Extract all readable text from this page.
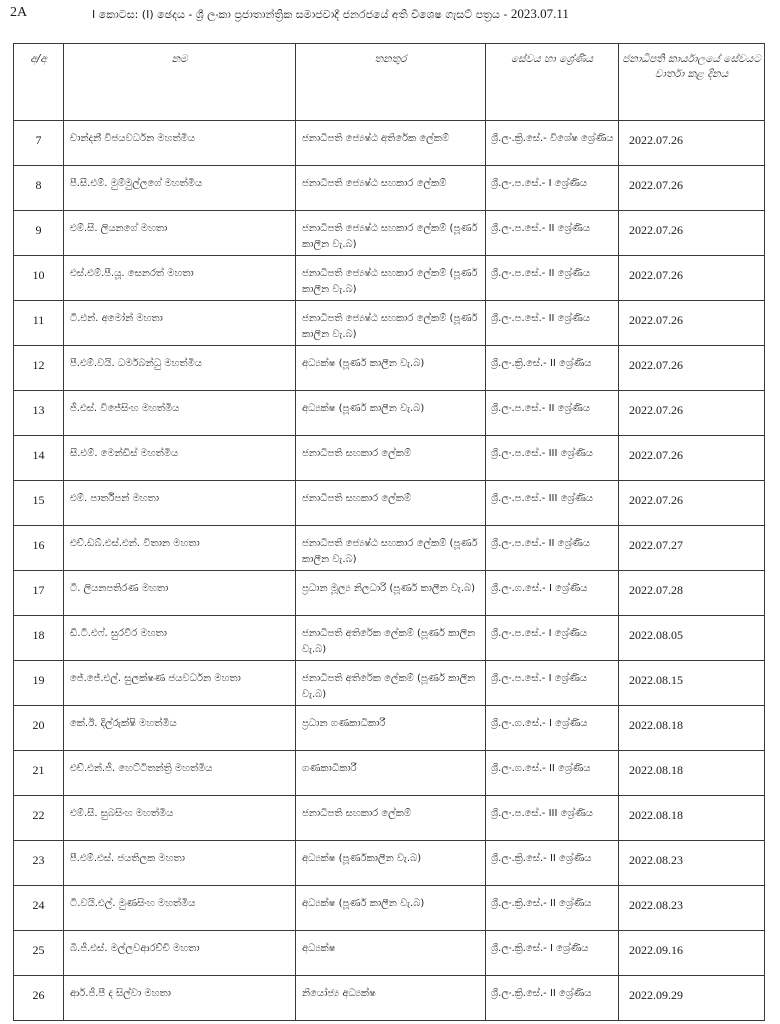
2A	I කොටස: (I) ඡෙදය - ශ්‍රී ලංකා ප්‍රජාතාන්ත්‍රික සමාජවාදී ජනරජයේ අති විශෙෂ ගැසට් පත්‍රය - 2023.07.11
අ/අ	නම	තනතුර	සේවය හා ශ්‍රේණිය	ජනාධිපති කාර්යාලයේ සේවයට වාර්තා කළ දිනය

7	චාන්දනී විජයවර්ධන මහත්මිය	ජනාධිපති ජ්‍යෙෂ්ඨ අතිරේක ලේකම්	ශ්‍රී.ලං.ක්‍රි.සේ.- විශේෂ ශ්‍රේණිය	2022.07.26

8	පී.සී.එම්. මුම්මුල්ලගේ මහත්මිය	ජනාධිපති ජ්‍යෙෂ්ඨ සහකාර ලේකම්	ශ්‍රී.ලං.ප.සේ.- I ශ්‍රේණිය	2022.07.26

9	එම්.සී. ලියනගේ මහතා	ජනාධිපති ජ්‍යෙෂ්ඨ සහකාර ලේකම් (පූර්ණ කාලීන වැ.බ)	ශ්‍රී.ලං.ප.සේ.- II ශ්‍රේණිය	2022.07.26

10	එස්.එම්.පී.යූ. සෙනරත් මහතා	ජනාධිපති ජ්‍යෙෂ්ඨ සහකාර ලේකම් (පූර්ණ කාලීන වැ.බ)	ශ්‍රී.ලං.ප.සේ.- II ශ්‍රේණිය	2022.07.26

11	ටී.එන්. අමෝන් මහතා	ජනාධිපති ජ්‍යෙෂ්ඨ සහකාර ලේකම් (පූර්ණ කාලීන වැ.බ)	ශ්‍රී.ලං.ප.සේ.- II ශ්‍රේණිය	2022.07.26

12	පී.එම්.වයි. ධර්මබන්ධු මහත්මිය	අධ්‍යක්ෂ (පූර්ණ කාලීන වැ.බ)	ශ්‍රී.ලං.ක්‍රි.සේ.- II ශ්‍රේණිය	2022.07.26

13	ජී.එස්. විජේසිංහ මහත්මිය	අධ්‍යක්ෂ (පූර්ණ කාලීන වැ.බ)	ශ්‍රී.ලං.ප.සේ.- II ශ්‍රේණිය	2022.07.26

14	සී.එම්. මෙන්ඩිස් මහත්මිය	ජනාධිපති සහකාර ලේකම්	ශ්‍රී.ලං.ප.සේ.- III ශ්‍රේණිය	2022.07.26

15	එම්. පාර්තිපන් මහතා	ජනාධිපති සහකාර ලේකම්	ශ්‍රී.ලං.ප.සේ.- III ශ්‍රේණිය	2022.07.26

16	එච්.ඩබ්.එස්.එන්. විතාන මහතා	ජනාධිපති ජ්‍යෙෂ්ඨ සහකාර ලේකම් (පූර්ණ කාලීන වැ.බ)	ශ්‍රී.ලං.ප.සේ.- II ශ්‍රේණිය	2022.07.27

17	ටී. ලියනපතිරණ මහතා	ප්‍රධාන මූල්‍ය නිලධාරි (පූර්ණ කාලීන වැ.බ)	ශ්‍රී.ලං.ග.සේ.- I ශ්‍රේණිය	2022.07.28

18	ඩී.ටී.එෆ්. සුරවීර මහතා	ජනාධිපති අතිරේක ලේකම් (පූර්ණ කාලීන වැ.බ)	ශ්‍රී.ලං.ප.සේ.- I ශ්‍රේණිය	2022.08.05

19	ජේ.ජේ.එල්. සුලක්ෂණ ජයවර්ධන මහතා	ජනාධිපති අතිරේක ලේකම් (පූර්ණ කාලීන වැ.බ)	ශ්‍රී.ලං.ප.සේ.- I ශ්‍රේණිය	2022.08.15

20	කේ.ඊ. දිල්රුක්ෂි මහත්මිය	ප්‍රධාන ගණකාධිකාරී	ශ්‍රී.ලං.ග.සේ.- I ශ්‍රේණිය	2022.08.18

21	එච්.එන්.ජී. හෙට්ටිතන්ත්‍රි මහත්මිය	ගණකාධිකාරී	ශ්‍රී.ලං.ග.සේ.- II ශ්‍රේණිය	2022.08.18

22	එම්.සී. සුබසිංහ මහත්මිය	ජනාධිපති සහකාර ලේකම්	ශ්‍රී.ලං.ප.සේ.- III ශ්‍රේණිය	2022.08.18

23	පී.එම්.එස්. ජයතිලක මහතා	අධ්‍යක්ෂ (පූර්ණකාලීන වැ.බ)	ශ්‍රී.ලං.ක්‍රි.සේ.- II ශ්‍රේණිය	2022.08.23

24	ටී.වයි.එල්. මුණසිංහ මහත්මිය	අධ්‍යක්ෂ (පූර්ණ කාලීන වැ.බ)	ශ්‍රී.ලං.ක්‍රි.සේ.- II ශ්‍රේණිය	2022.08.23

25	බී.ජී.එස්. මල්ලවආරච්චි මහතා	අධ්‍යක්ෂ	ශ්‍රී.ලං.ක්‍රි.සේ.- I ශ්‍රේණිය	2022.09.16

26	ආර්.ජී.පී ද සිල්වා මහතා	නියෝජ්‍ය අධ්‍යක්ෂ	ශ්‍රී.ලං.ක්‍රි.සේ.- II ශ්‍රේණිය	2022.09.29
